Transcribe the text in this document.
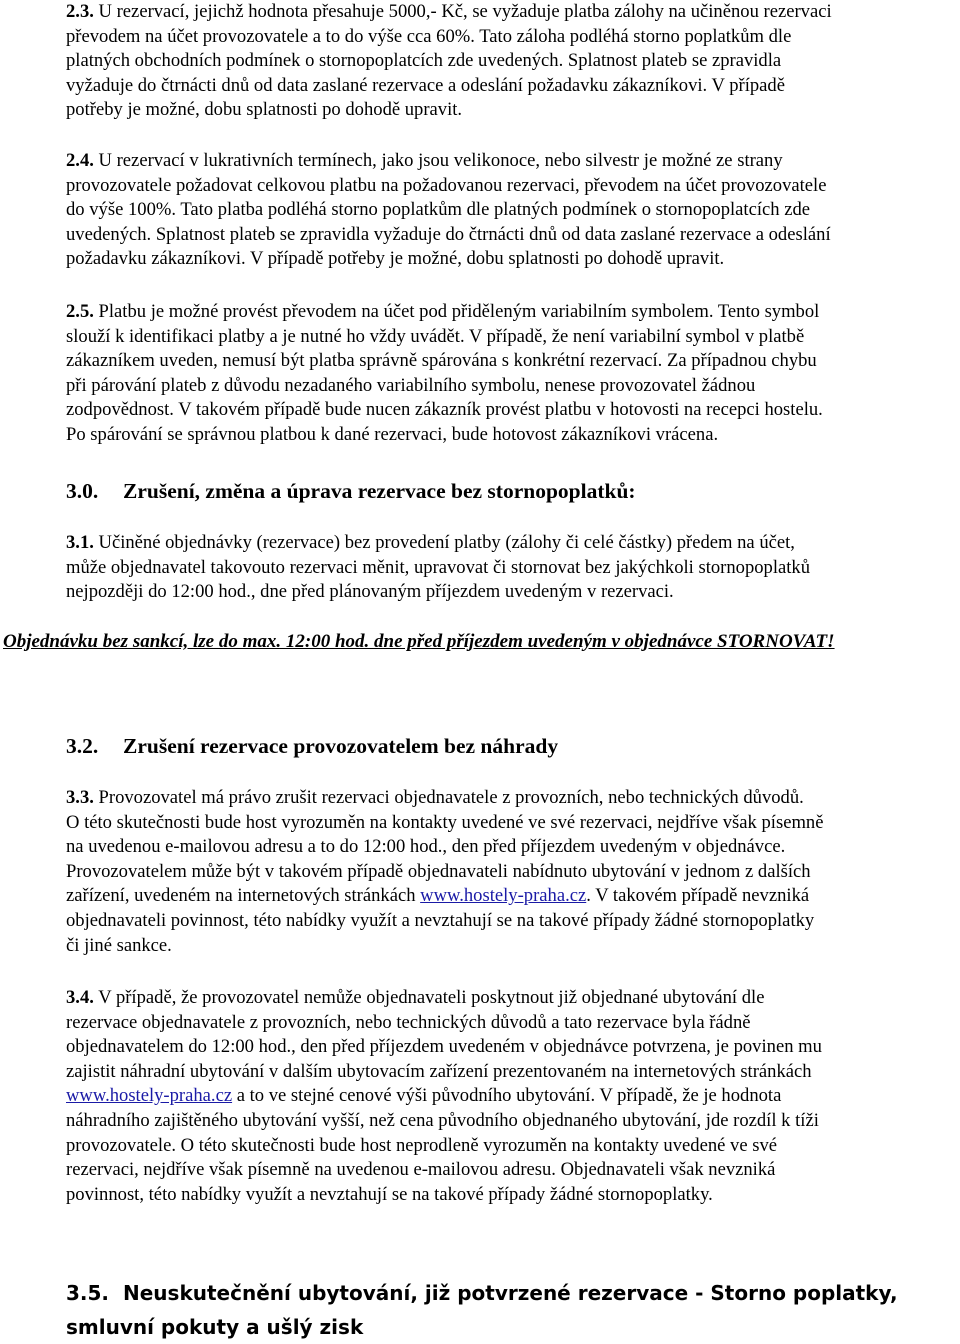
2.3. U rezervací, jejichž hodnota přesahuje 5000,- Kč, se vyžaduje platba zálohy na učiněnou rezervaci
převodem na účet provozovatele a to do výše cca 60%. Tato záloha podléhá storno poplatkům dle
platných obchodních podmínek o stornopoplatcích zde uvedených. Splatnost plateb se zpravidla
vyžaduje do čtrnácti dnů od data zaslané rezervace a odeslání požadavku zákazníkovi. V případě
potřeby je možné, dobu splatnosti po dohodě upravit.

2.4. U rezervací v lukrativních termínech, jako jsou velikonoce, nebo silvestr je možné ze strany
provozovatele požadovat celkovou platbu na požadovanou rezervaci, převodem na účet provozovatele
do výše 100%. Tato platba podléhá storno poplatkům dle platných podmínek o stornopoplatcích zde
uvedených. Splatnost plateb se zpravidla vyžaduje do čtrnácti dnů od data zaslané rezervace a odeslání
požadavku zákazníkovi. V případě potřeby je možné, dobu splatnosti po dohodě upravit.

2.5. Platbu je možné provést převodem na účet pod přiděleným variabilním symbolem. Tento symbol
slouží k identifikaci platby a je nutné ho vždy uvádět. V případě, že není variabilní symbol v platbě
zákazníkem uveden, nemusí být platba správně spárována s konkrétní rezervací. Za případnou chybu
při párování plateb z důvodu nezadaného variabilního symbolu, nenese provozovatel žádnou
zodpovědnost. V takovém případě bude nucen zákazník provést platbu v hotovosti na recepci hostelu.
Po spárování se správnou platbou k dané rezervaci, bude hotovost zákazníkovi vrácena.

3.0. Zrušení, změna a úprava rezervace bez stornopoplatků:

3.1. Učiněné objednávky (rezervace) bez provedení platby (zálohy či celé částky) předem na účet,
může objednavatel takovouto rezervaci měnit, upravovat či stornovat bez jakýchkoli stornopoplatků
nejpozději do 12:00 hod., dne před plánovaným příjezdem uvedeným v rezervaci.

3.2. Zrušení rezervace provozovatelem bez náhrady

3.3. Provozovatel má právo zrušit rezervaci objednavatele z provozních, nebo technických důvodů.
O této skutečnosti bude host vyrozuměn na kontakty uvedené ve své rezervaci, nejdříve však písemně
na uvedenou e-mailovou adresu a to do 12:00 hod., den před příjezdem uvedeným v objednávce.
Provozovatelem může být v takovém případě objednavateli nabídnuto ubytování v jednom z dalších
zařízení, uvedeném na internetových stránkách www.hostely-praha.cz. V takovém případě nevzniká
objednavateli povinnost, této nabídky využít a nevztahují se na takové případy žádné stornopoplatky
či jiné sankce.

3.4. V případě, že provozovatel nemůže objednavateli poskytnout již objednané ubytování dle
rezervace objednavatele z provozních, nebo technických důvodů a tato rezervace byla řádně
objednavatelem do 12:00 hod., den před příjezdem uvedeném v objednávce potvrzena, je povinen mu
zajistit náhradní ubytování v dalším ubytovacím zařízení prezentovaném na internetových stránkách
www.hostely-praha.cz a to ve stejné cenové výši původního ubytování. V případě, že je hodnota
náhradního zajištěného ubytování vyšší, než cena původního objednaného ubytování, jde rozdíl k tíži
provozovatele. O této skutečnosti bude host neprodleně vyrozuměn na kontakty uvedené ve své
rezervaci, nejdříve však písemně na uvedenou e-mailovou adresu. Objednavateli však nevzniká
povinnost, této nabídky využít a nevztahují se na takové případy žádné stornopoplatky.

3.5. Neuskutečnění ubytování, již potvrzené rezervace - Storno poplatky,
smluvní pokuty a ušlý zisk
Objednávku bez sankcí, lze do max. 12:00 hod. dne před příjezdem uvedeným v objednávce STORNOVAT!
